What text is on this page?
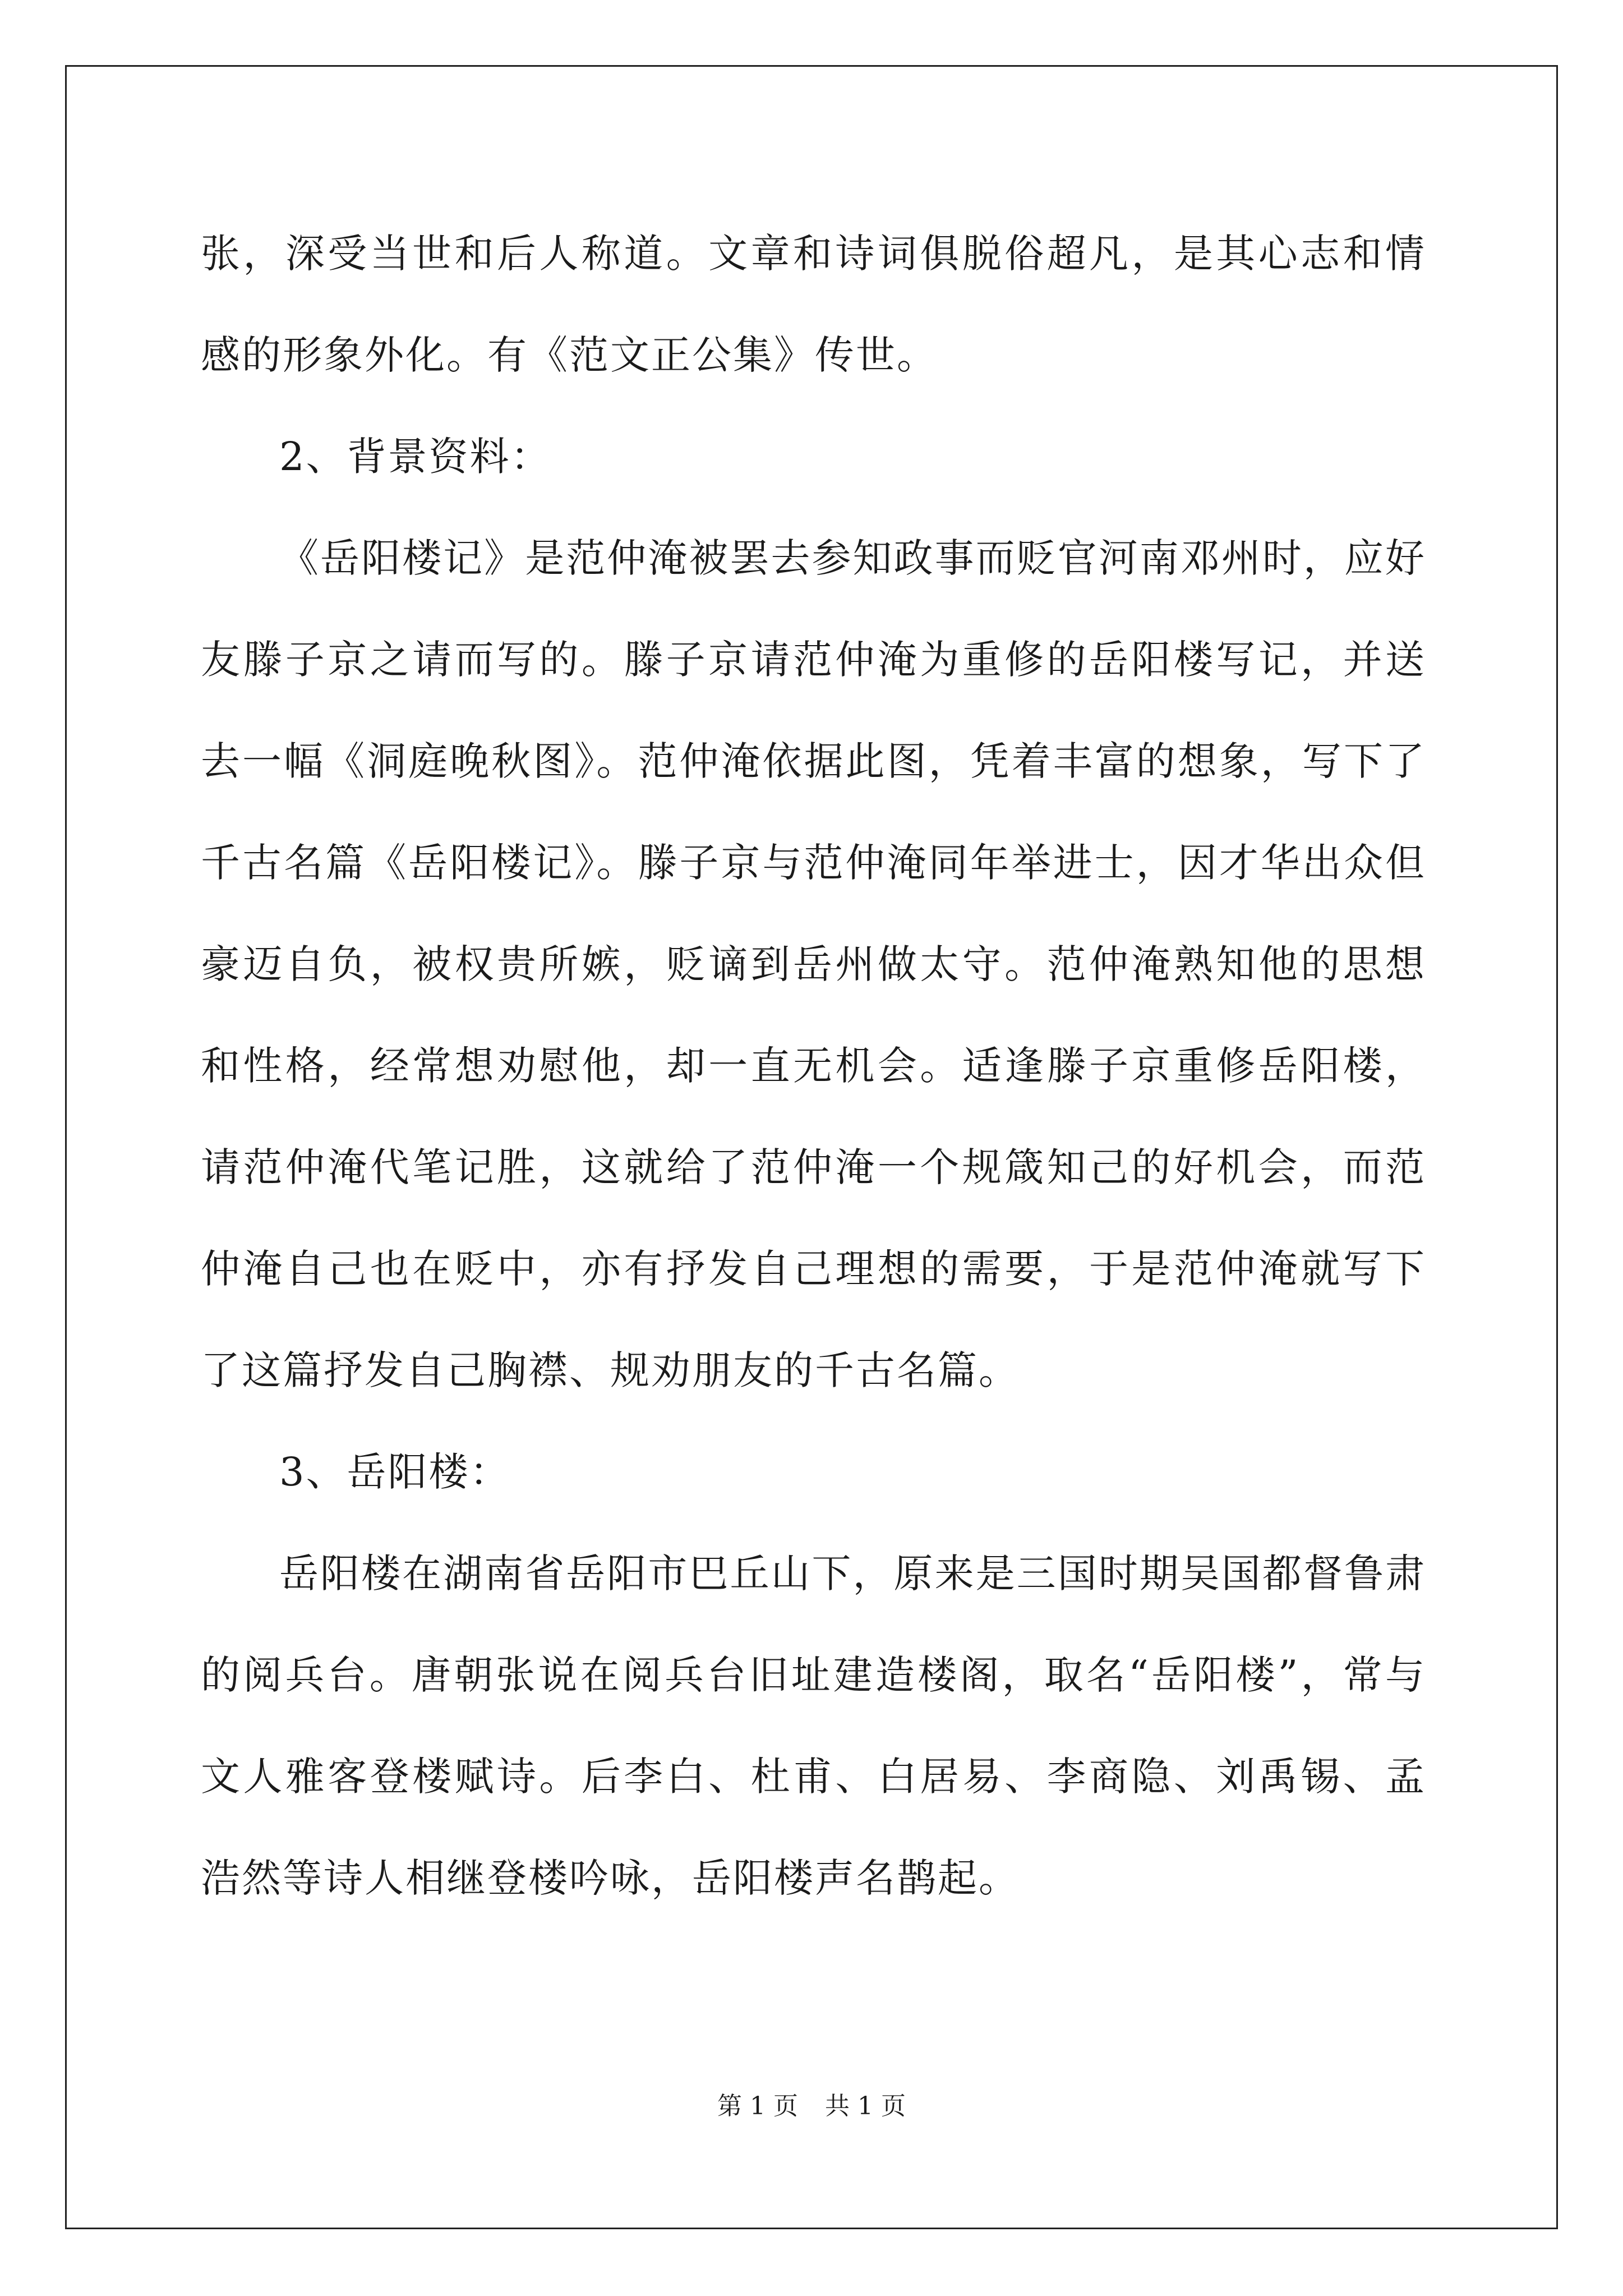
张，深受当世和后人称道。文章和诗词俱脱俗超凡，是其心志和情感的形象外化。有《范文正公集》传世。

2、背景资料：

《岳阳楼记》是范仲淹被罢去参知政事而贬官河南邓州时，应好友滕子京之请而写的。滕子京请范仲淹为重修的岳阳楼写记，并送去一幅《洞庭晚秋图》。范仲淹依据此图，凭着丰富的想象，写下了千古名篇《岳阳楼记》。滕子京与范仲淹同年举进士，因才华出众但豪迈自负，被权贵所嫉，贬谪到岳州做太守。范仲淹熟知他的思想和性格，经常想劝慰他，却一直无机会。适逢滕子京重修岳阳楼，请范仲淹代笔记胜，这就给了范仲淹一个规箴知己的好机会，而范仲淹自己也在贬中，亦有抒发自己理想的需要，于是范仲淹就写下了这篇抒发自己胸襟、规劝朋友的千古名篇。

3、岳阳楼：

岳阳楼在湖南省岳阳市巴丘山下，原来是三国时期吴国都督鲁肃的阅兵台。唐朝张说在阅兵台旧址建造楼阁，取名“岳阳楼”，常与文人雅客登楼赋诗。后李白、杜甫、白居易、李商隐、刘禹锡、孟浩然等诗人相继登楼吟咏，岳阳楼声名鹊起。

第 1 页 共 1 页
